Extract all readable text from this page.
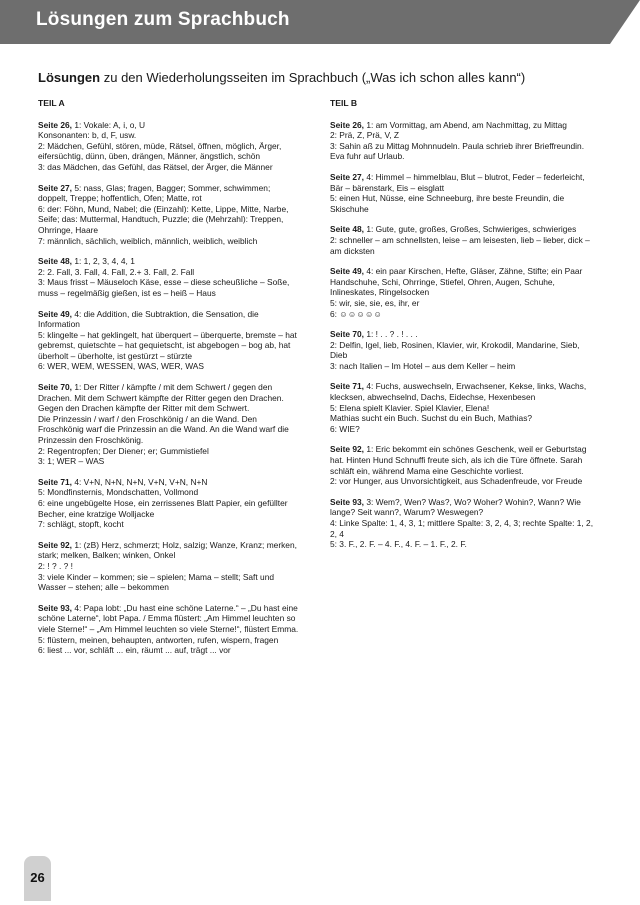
Lösungen zum Sprachbuch
Lösungen zu den Wiederholungsseiten im Sprachbuch („Was ich schon alles kann“)
TEIL A

Seite 26, 1: Vokale: A, i, o, U

Konsonanten: b, d, F, usw.

2: Mädchen, Gefühl, stören, müde, Rätsel, öffnen, möglich, Ärger, eifersüchtig, dünn, üben, drängen, Männer, ängstlich, schön

3: das Mädchen, das Gefühl, das Rätsel, der Ärger, die Männer

Seite 27, 5: nass, Glas; fragen, Bagger; Sommer, schwimmen; doppelt, Treppe; hoffentlich, Ofen; Matte, rot

6: der: Föhn, Mund, Nabel; die (Einzahl): Kette, Lippe, Mitte, Narbe, Seife; das: Muttermal, Handtuch, Puzzle; die (Mehrzahl): Treppen, Ohrringe, Haare

7: männlich, sächlich, weiblich, männlich, weiblich, weiblich

Seite 48, 1: 1, 2, 3, 4, 4, 1

2: 2. Fall, 3. Fall, 4. Fall, 2.+ 3. Fall, 2. Fall

3: Maus frisst – Mäuseloch Käse, esse – diese scheußliche – Soße, muss – regelmäßig gießen, ist es – heiß – Haus

Seite 49, 4: die Addition, die Subtraktion, die Sensation, die Information

5: klingelte – hat geklingelt, hat überquert – überquerte, bremste – hat gebremst, quietschte – hat gequietscht, ist abgebogen – bog ab, hat überholt – überholte, ist gestürzt – stürzte

6: WER, WEM, WESSEN, WAS, WER, WAS

Seite 70, 1: Der Ritter / kämpfte / mit dem Schwert / gegen den Drachen. Mit dem Schwert kämpfte der Ritter gegen den Drachen. Gegen den Drachen kämpfte der Ritter mit dem Schwert.

Die Prinzessin / warf / den Froschkönig / an die Wand. Den Froschkönig warf die Prinzessin an die Wand. An die Wand warf die Prinzessin den Froschkönig.

2: Regentropfen; Der Diener; er; Gummistiefel

3: 1; WER – WAS

Seite 71, 4: V+N, N+N, N+N, V+N, V+N, N+N

5: Mondfinsternis, Mondschatten, Vollmond

6: eine ungebügelte Hose, ein zerrissenes Blatt Papier, ein gefüllter Becher, eine kratzige Wolljacke

7: schlägt, stopft, kocht

Seite 92, 1: (zB) Herz, schmerzt; Holz, salzig; Wanze, Kranz; merken, stark; melken, Balken; winken, Onkel

2: ! ? . ? !

3: viele Kinder – kommen; sie – spielen; Mama – stellt; Saft und Wasser – stehen; alle – bekommen

Seite 93, 4: Papa lobt: „Du hast eine schöne Laterne.“ – „Du hast eine schöne Laterne“, lobt Papa. / Emma flüstert: „Am Himmel leuchten so viele Sterne!“ – „Am Himmel leuchten so viele Sterne!“, flüstert Emma.

5: flüstern, meinen, behaupten, antworten, rufen, wispern, fragen

6: liest ... vor, schläft ... ein, räumt ... auf, trägt ... vor

TEIL B

Seite 26, 1: am Vormittag, am Abend, am Nachmittag, zu Mittag

2: Prä, Z, Prä, V, Z

3: Sahin aß zu Mittag Mohnnudeln. Paula schrieb ihrer Brieffreundin. Eva fuhr auf Urlaub.

Seite 27, 4: Himmel – himmelblau, Blut – blutrot, Feder – federleicht, Bär – bärenstark, Eis – eisglatt

5: einen Hut, Nüsse, eine Schneeburg, ihre beste Freundin, die Skischuhe

Seite 48, 1: Gute, gute, großes, Großes, Schwieriges, schwieriges

2: schneller – am schnellsten, leise – am leisesten, lieb – lieber, dick – am dicksten

Seite 49, 4: ein paar Kirschen, Hefte, Gläser, Zähne, Stifte; ein Paar Handschuhe, Schi, Ohrringe, Stiefel, Ohren, Augen, Schuhe, Inlineskates, Ringelsocken

5: wir, sie, sie, es, ihr, er

6: ☺☺☺☺☺

Seite 70, 1: ! . . ? . ! . . .

2: Delfin, Igel, lieb, Rosinen, Klavier, wir, Krokodil, Mandarine, Sieb, Dieb

3: nach Italien – Im Hotel – aus dem Keller – heim

Seite 71, 4: Fuchs, auswechseln, Erwachsener, Kekse, links, Wachs, klecksen, abwechselnd, Dachs, Eidechse, Hexenbesen

5: Elena spielt Klavier. Spiel Klavier, Elena!

Mathias sucht ein Buch. Suchst du ein Buch, Mathias?

6: WIE?

Seite 92, 1: Eric bekommt ein schönes Geschenk, weil er Geburtstag hat. Hinten Hund Schnuffi freute sich, als ich die Türe öffnete. Sarah schläft ein, während Mama eine Geschichte vorliest.

2: vor Hunger, aus Unvorsichtigkeit, aus Schadenfreude, vor Freude

Seite 93, 3: Wem?, Wen? Was?, Wo? Woher? Wohin?, Wann? Wie lange? Seit wann?, Warum? Weswegen?

4: Linke Spalte: 1, 4, 3, 1; mittlere Spalte: 3, 2, 4, 3; rechte Spalte: 1, 2, 2, 4

5: 3. F., 2. F. – 4. F., 4. F. – 1. F., 2. F.

26
